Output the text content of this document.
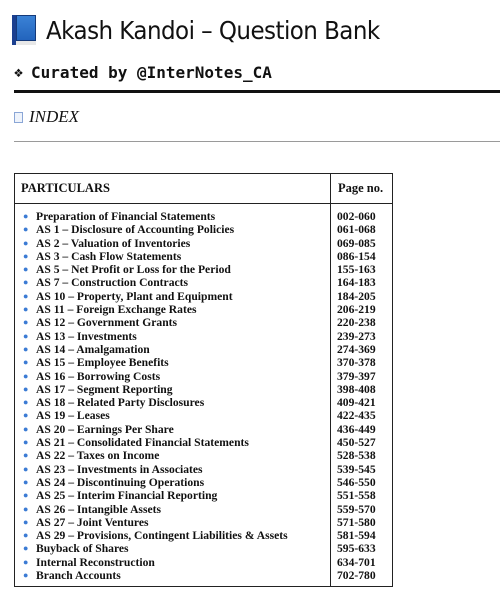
Akash Kandoi – Question Bank
❖ Curated by @InterNotes_CA
INDEX
PARTICULARS	Page no.
● Preparation of Financial Statements	002-060
● AS 1 – Disclosure of Accounting Policies	061-068
● AS 2 – Valuation of Inventories	069-085
● AS 3 – Cash Flow Statements	086-154
● AS 5 – Net Profit or Loss for the Period	155-163
● AS 7 – Construction Contracts	164-183
● AS 10 – Property, Plant and Equipment	184-205
● AS 11 – Foreign Exchange Rates	206-219
● AS 12 – Government Grants	220-238
● AS 13 – Investments	239-273
● AS 14 – Amalgamation	274-369
● AS 15 – Employee Benefits	370-378
● AS 16 – Borrowing Costs	379-397
● AS 17 – Segment Reporting	398-408
● AS 18 – Related Party Disclosures	409-421
● AS 19 – Leases	422-435
● AS 20 – Earnings Per Share	436-449
● AS 21 – Consolidated Financial Statements	450-527
● AS 22 – Taxes on Income	528-538
● AS 23 – Investments in Associates	539-545
● AS 24 – Discontinuing Operations	546-550
● AS 25 – Interim Financial Reporting	551-558
● AS 26 – Intangible Assets	559-570
● AS 27 – Joint Ventures	571-580
● AS 29 – Provisions, Contingent Liabilities & Assets	581-594
● Buyback of Shares	595-633
● Internal Reconstruction	634-701
● Branch Accounts	702-780
